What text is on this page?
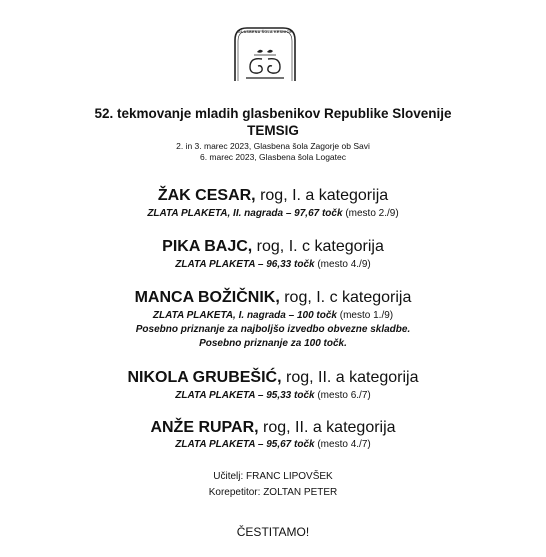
GLASBENA ŠOLA KESNICE
52. tekmovanje mladih glasbenikov Republike Slovenije
TEMSIG
2. in 3. marec 2023, Glasbena šola Zagorje ob Savi
6. marec 2023, Glasbena šola Logatec
ŽAK CESAR, rog, I. a kategorija
ZLATA PLAKETA, II. nagrada – 97,67 točk (mesto 2./9)
PIKA BAJC, rog, I. c kategorija
ZLATA PLAKETA – 96,33 točk (mesto 4./9)
MANCA BOŽIČNIK, rog, I. c kategorija
ZLATA PLAKETA, I. nagrada – 100 točk (mesto 1./9)
Posebno priznanje za najboljšo izvedbo obvezne skladbe.
Posebno priznanje za 100 točk.
NIKOLA GRUBEŠIĆ, rog, II. a kategorija
ZLATA PLAKETA – 95,33 točk (mesto 6./7)
ANŽE RUPAR, rog, II. a kategorija
ZLATA PLAKETA – 95,67 točk (mesto 4./7)
Učitelj: FRANC LIPOVŠEK
Korepetitor: ZOLTAN PETER
ČESTITAMO!
